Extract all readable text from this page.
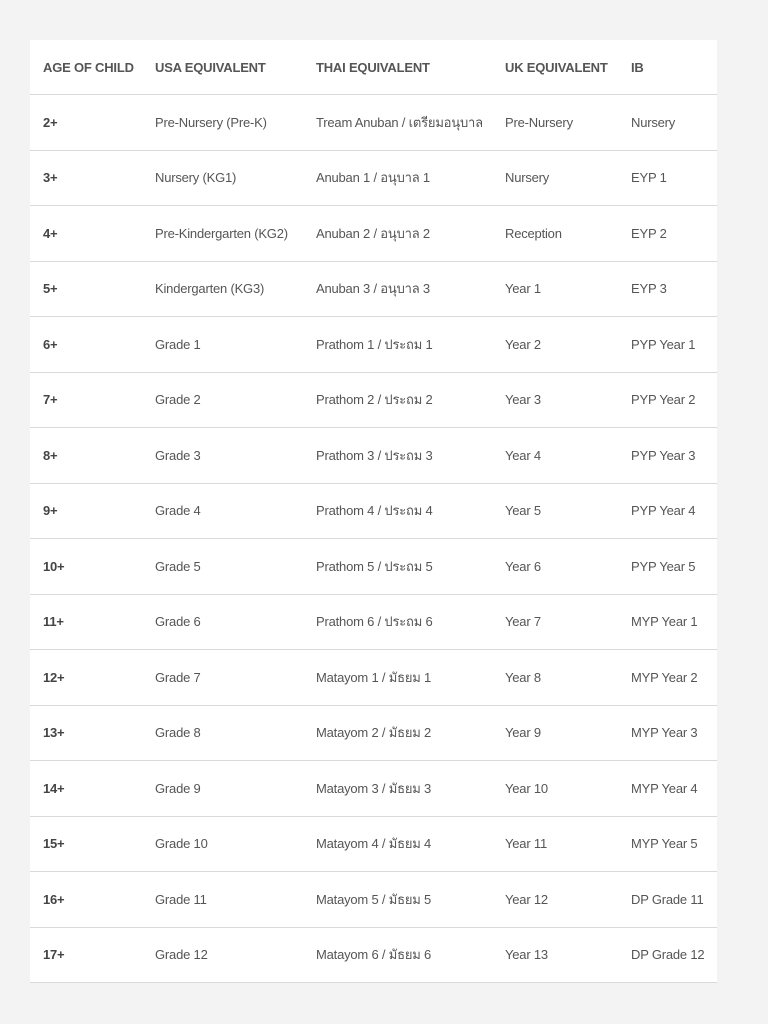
AGE OF CHILD	USA EQUIVALENT	THAI EQUIVALENT	UK EQUIVALENT	IB
2+	Pre-Nursery (Pre-K)	Tream Anuban / เตรียมอนุบาล	Pre-Nursery	Nursery
3+	Nursery (KG1)	Anuban 1 / อนุบาล 1	Nursery	EYP 1
4+	Pre-Kindergarten (KG2)	Anuban 2 / อนุบาล 2	Reception	EYP 2
5+	Kindergarten (KG3)	Anuban 3 / อนุบาล 3	Year 1	EYP 3
6+	Grade 1	Prathom 1 / ประถม 1	Year 2	PYP Year 1
7+	Grade 2	Prathom 2 / ประถม 2	Year 3	PYP Year 2
8+	Grade 3	Prathom 3 / ประถม 3	Year 4	PYP Year 3
9+	Grade 4	Prathom 4 / ประถม 4	Year 5	PYP Year 4
10+	Grade 5	Prathom 5 / ประถม 5	Year 6	PYP Year 5
11+	Grade 6	Prathom 6 / ประถม 6	Year 7	MYP Year 1
12+	Grade 7	Matayom 1 / มัธยม 1	Year 8	MYP Year 2
13+	Grade 8	Matayom 2 / มัธยม 2	Year 9	MYP Year 3
14+	Grade 9	Matayom 3 / มัธยม 3	Year 10	MYP Year 4
15+	Grade 10	Matayom 4 / มัธยม 4	Year 11	MYP Year 5
16+	Grade 11	Matayom 5 / มัธยม 5	Year 12	DP Grade 11
17+	Grade 12	Matayom 6 / มัธยม 6	Year 13	DP Grade 12
